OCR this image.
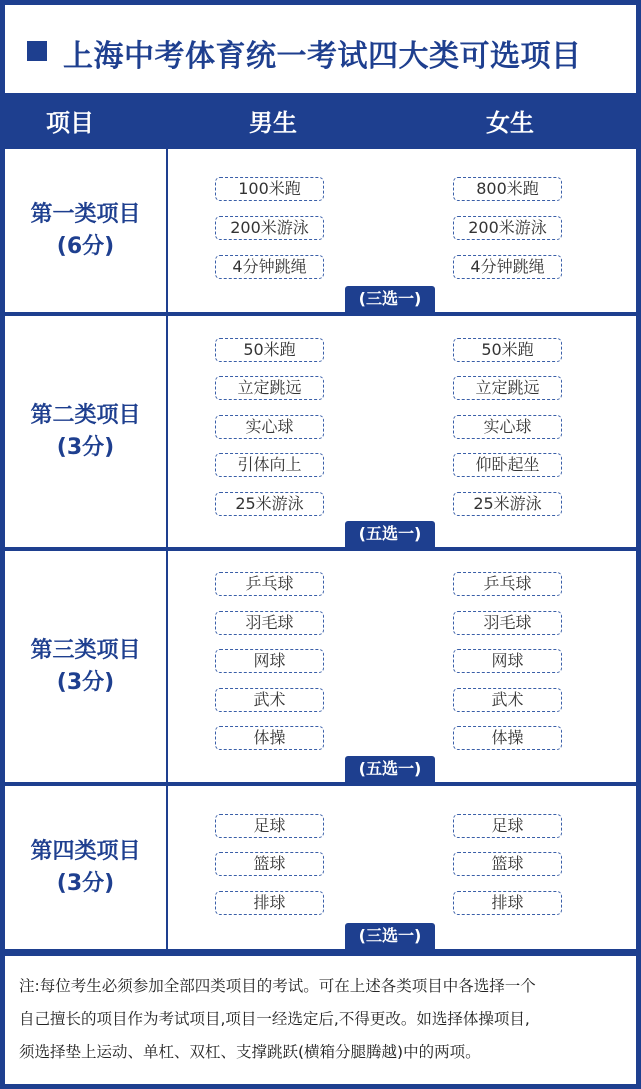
上海中考体育统一考试四大类可选项目
项目	男生	女生
第一类项目
(6分)
100米跑
200米游泳
4分钟跳绳
800米跑
200米游泳
4分钟跳绳
(三选一)
第二类项目
(3分)
50米跑
立定跳远
实心球
引体向上
25米游泳
50米跑
立定跳远
实心球
仰卧起坐
25米游泳
(五选一)
第三类项目
(3分)
乒乓球
羽毛球
网球
武术
体操
乒乓球
羽毛球
网球
武术
体操
(五选一)
第四类项目
(3分)
足球
篮球
排球
足球
篮球
排球
(三选一)
注:每位考生必须参加全部四类项目的考试。可在上述各类项目中各选择一个
自己擅长的项目作为考试项目,项目一经选定后,不得更改。如选择体操项目,
须选择垫上运动、单杠、双杠、支撑跳跃(横箱分腿腾越)中的两项。
